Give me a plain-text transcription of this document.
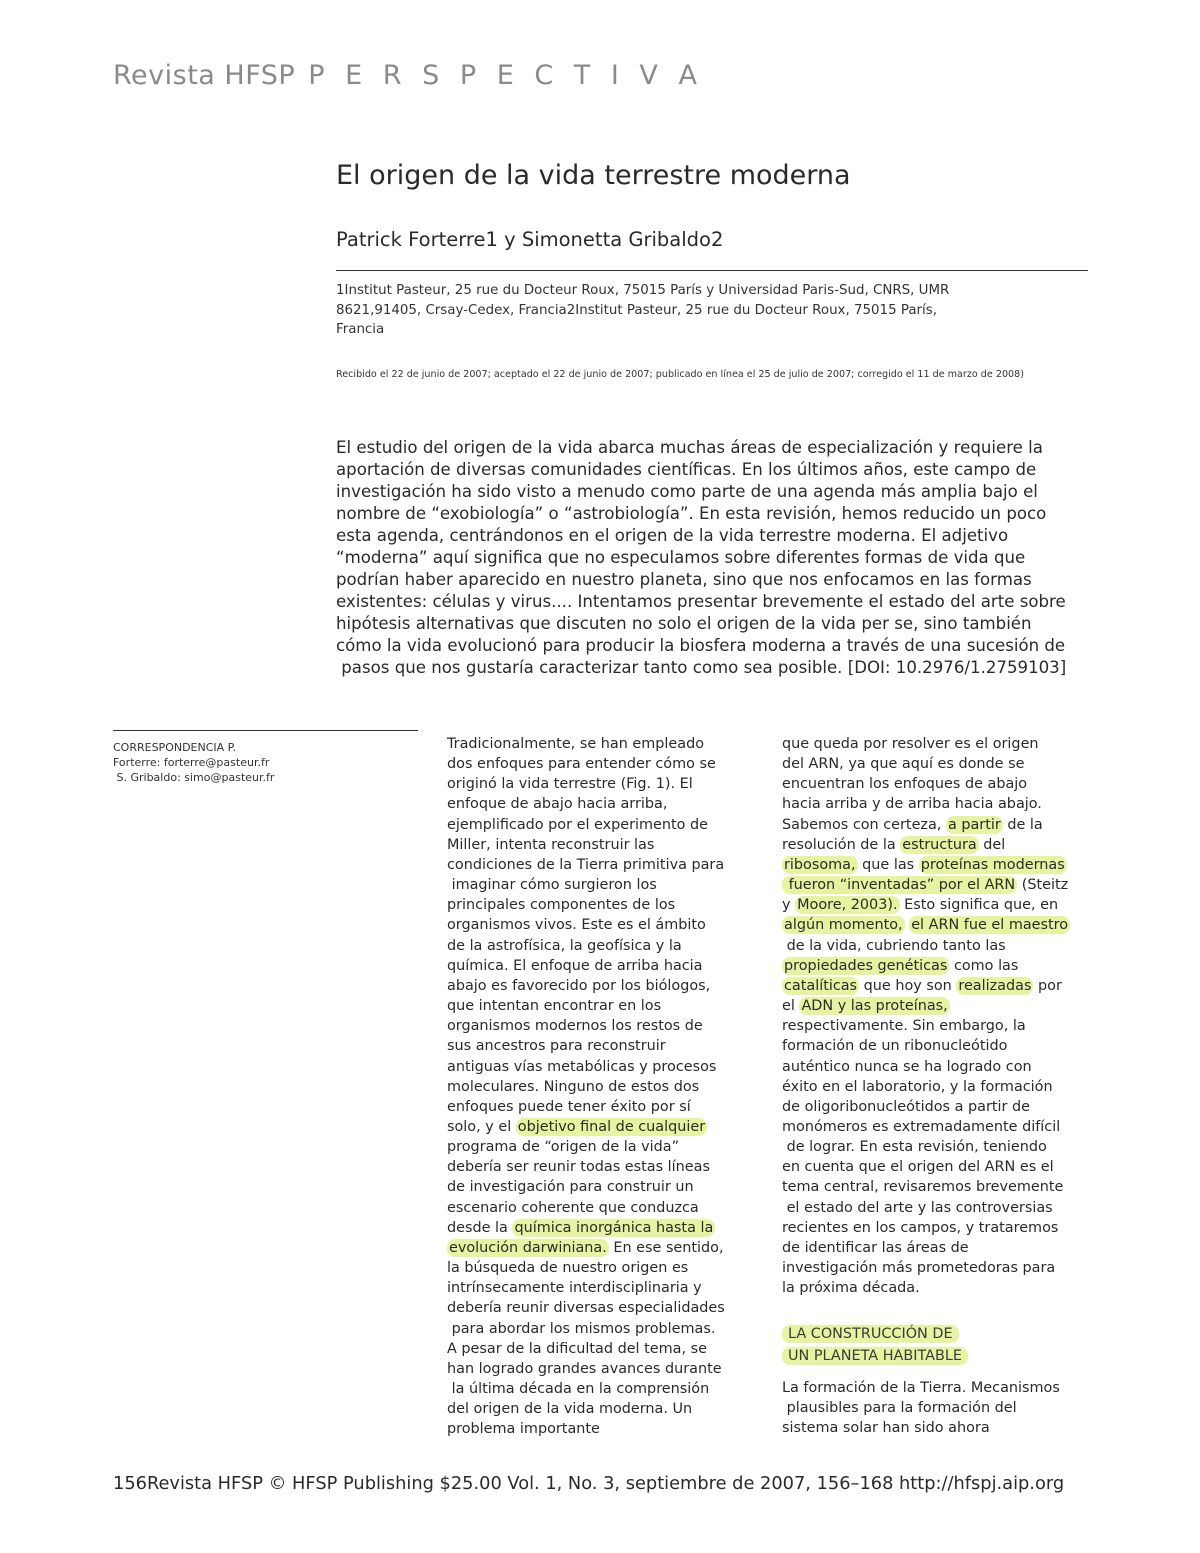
Revista HFSP P E R S P E C T I V A
El origen de la vida terrestre moderna
Patrick Forterre1 y Simonetta Gribaldo2
1Institut Pasteur, 25 rue du Docteur Roux, 75015 París y Universidad Paris-Sud, CNRS, UMR
8621,91405, Crsay-Cedex, Francia2Institut Pasteur, 25 rue du Docteur Roux, 75015 París,
Francia
Recibido el 22 de junio de 2007; aceptado el 22 de junio de 2007; publicado en línea el 25 de julio de 2007; corregido el 11 de marzo de 2008)
El estudio del origen de la vida abarca muchas áreas de especialización y requiere la
aportación de diversas comunidades científicas. En los últimos años, este campo de
investigación ha sido visto a menudo como parte de una agenda más amplia bajo el
nombre de “exobiología” o “astrobiología”. En esta revisión, hemos reducido un poco
esta agenda, centrándonos en el origen de la vida terrestre moderna. El adjetivo
“moderna” aquí significa que no especulamos sobre diferentes formas de vida que
podrían haber aparecido en nuestro planeta, sino que nos enfocamos en las formas
existentes: células y virus.... Intentamos presentar brevemente el estado del arte sobre
hipótesis alternativas que discuten no solo el origen de la vida per se, sino también
cómo la vida evolucionó para producir la biosfera moderna a través de una sucesión de
pasos que nos gustaría caracterizar tanto como sea posible. [DOI: 10.2976/1.2759103]
CORRESPONDENCIA P.
Forterre: forterre@pasteur.fr
S. Gribaldo: simo@pasteur.fr
Tradicionalmente, se han empleado
dos enfoques para entender cómo se
originó la vida terrestre (Fig. 1). El
enfoque de abajo hacia arriba,
ejemplificado por el experimento de
Miller, intenta reconstruir las
condiciones de la Tierra primitiva para
imaginar cómo surgieron los
principales componentes de los
organismos vivos. Este es el ámbito
de la astrofísica, la geofísica y la
química. El enfoque de arriba hacia
abajo es favorecido por los biólogos,
que intentan encontrar en los
organismos modernos los restos de
sus ancestros para reconstruir
antiguas vías metabólicas y procesos
moleculares. Ninguno de estos dos
enfoques puede tener éxito por sí
solo, y el objetivo final de cualquier
programa de “origen de la vida”
debería ser reunir todas estas líneas
de investigación para construir un
escenario coherente que conduzca
desde la química inorgánica hasta la
evolución darwiniana. En ese sentido,
la búsqueda de nuestro origen es
intrínsecamente interdisciplinaria y
debería reunir diversas especialidades
para abordar los mismos problemas.
A pesar de la dificultad del tema, se
han logrado grandes avances durante
la última década en la comprensión
del origen de la vida moderna. Un
problema importante
que queda por resolver es el origen
del ARN, ya que aquí es donde se
encuentran los enfoques de abajo
hacia arriba y de arriba hacia abajo.
Sabemos con certeza, a partir de la
resolución de la estructura del
ribosoma, que las proteínas modernas
fueron “inventadas” por el ARN (Steitz
y Moore, 2003). Esto significa que, en
algún momento, el ARN fue el maestro
de la vida, cubriendo tanto las
propiedades genéticas como las
catalíticas que hoy son realizadas por
el ADN y las proteínas,
respectivamente. Sin embargo, la
formación de un ribonucleótido
auténtico nunca se ha logrado con
éxito en el laboratorio, y la formación
de oligoribonucleótidos a partir de
monómeros es extremadamente difícil
de lograr. En esta revisión, teniendo
en cuenta que el origen del ARN es el
tema central, revisaremos brevemente
el estado del arte y las controversias
recientes en los campos, y trataremos
de identificar las áreas de
investigación más prometedoras para
la próxima década.
LA CONSTRUCCIÓN DE
UN PLANETA HABITABLE
La formación de la Tierra. Mecanismos
plausibles para la formación del
sistema solar han sido ahora
156Revista HFSP © HFSP Publishing $25.00 Vol. 1, No. 3, septiembre de 2007, 156–168 http://hfspj.aip.org
